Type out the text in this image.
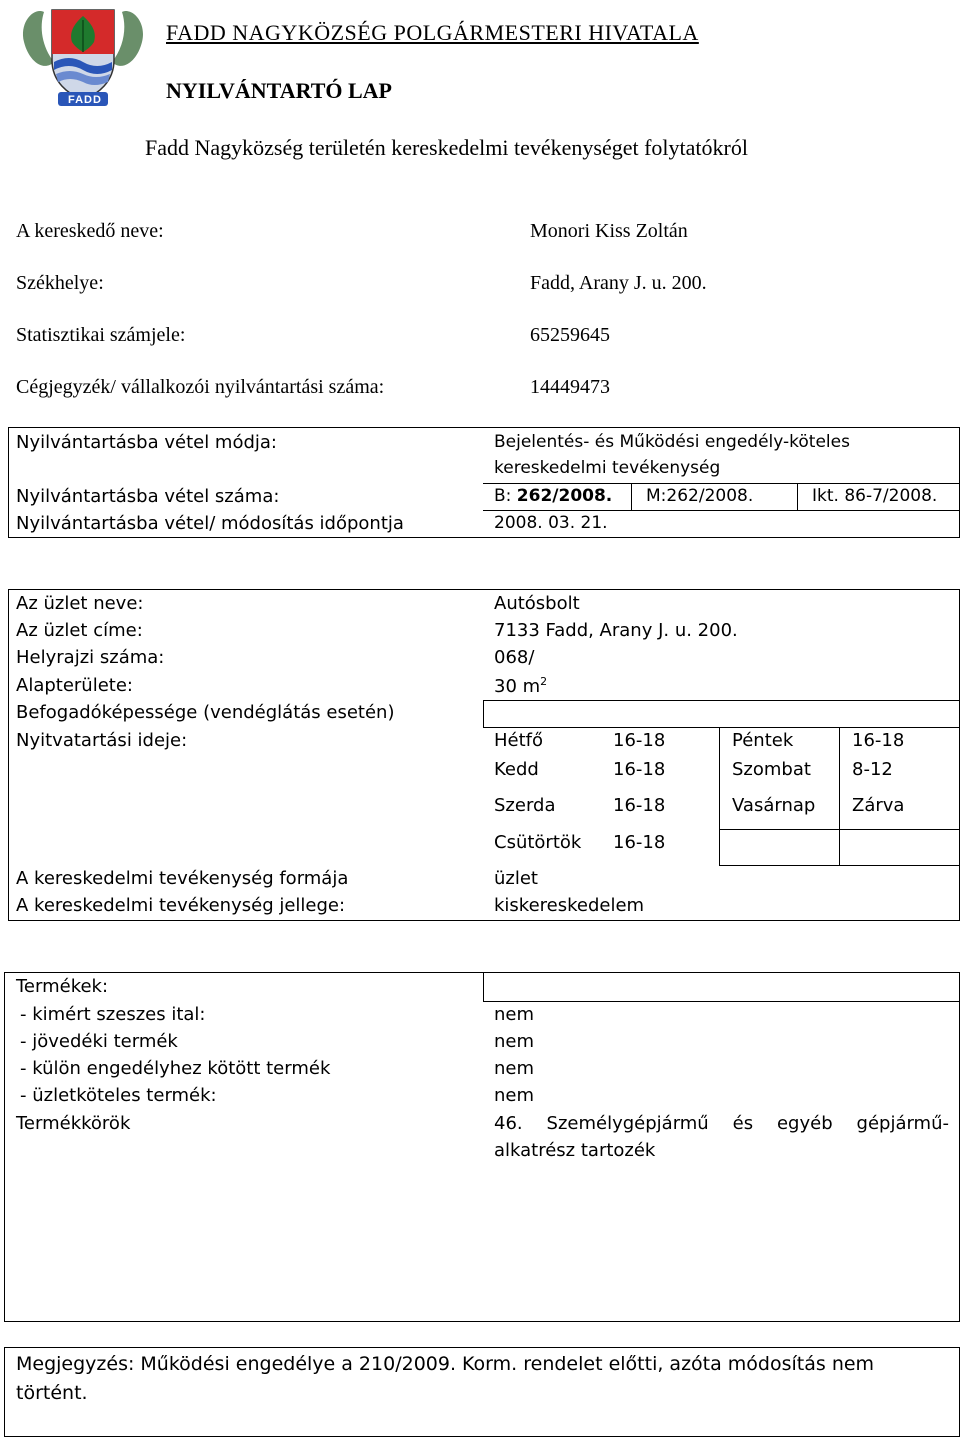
FADD
FADD NAGYKÖZSÉG POLGÁRMESTERI HIVATALA
NYILVÁNTARTÓ LAP
Fadd Nagyközség területén kereskedelmi tevékenységet folytatókról
A kereskedő neve:	Monori Kiss Zoltán
Székhelye:	Fadd, Arany J. u. 200.
Statisztikai számjele:	65259645
Cégjegyzék/ vállalkozói nyilvántartási száma:	14449473
Nyilvántartásba vétel módja:	Bejelentés- és Működési engedély-köteles
kereskedelmi tevékenység
Nyilvántartásba vétel száma:	B: 262/2008. M:262/2008.	Ikt. 86-7/2008.
Nyilvántartásba vétel/ módosítás időpontja	2008. 03. 21.
Az üzlet neve:	Autósbolt
Az üzlet címe:	7133 Fadd, Arany J. u. 200.
Helyrajzi száma:	068/
Alapterülete:	30 $m^2$
Befogadóképessége (vendéglátás esetén)
Nyitvatartási ideje:	Hétfő	16-18	Péntek	16-18
Kedd	16-18	Szombat 8-12
Szerda	16-18	Vasárnap Zárva
Csütörtök 16-18
A kereskedelmi tevékenység formája	üzlet
A kereskedelmi tevékenység jellege:	kiskereskedelem
Termékek:
- kimért szeszes ital:	nem
- jövedéki termék	nem
- külön engedélyhez kötött termék	nem
- üzletköteles termék:	nem
Termékkörök	46. Személygépjármű és egyéb gépjármű-
alkatrész tartozék
Megjegyzés: Működési engedélye a 210/2009. Korm. rendelet előtti, azóta módosítás nem
történt.
